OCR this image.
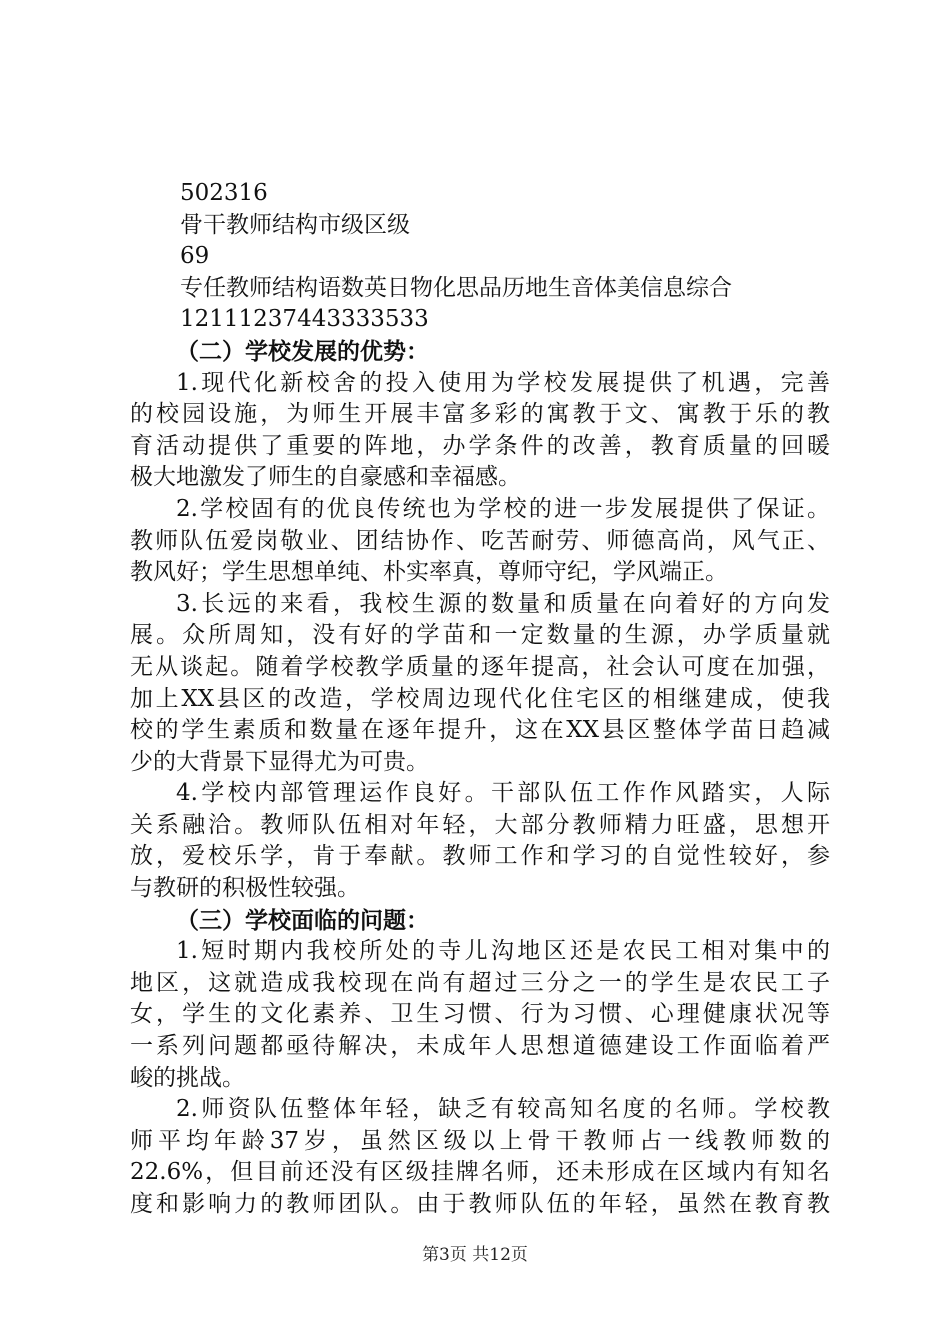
502316
骨干教师结构市级区级
69
专任教师结构语数英日物化思品历地生音体美信息综合
12111237443333533
（二）学校发展的优势：
1.现代化新校舍的投入使用为学校发展提供了机遇，完善
的校园设施，为师生开展丰富多彩的寓教于文、寓教于乐的教
育活动提供了重要的阵地，办学条件的改善，教育质量的回暖
极大地激发了师生的自豪感和幸福感。
2.学校固有的优良传统也为学校的进一步发展提供了保证。
教师队伍爱岗敬业、团结协作、吃苦耐劳、师德高尚，风气正、
教风好；学生思想单纯、朴实率真，尊师守纪，学风端正。
3.长远的来看，我校生源的数量和质量在向着好的方向发
展。众所周知，没有好的学苗和一定数量的生源，办学质量就
无从谈起。随着学校教学质量的逐年提高，社会认可度在加强，
加上XX县区的改造，学校周边现代化住宅区的相继建成，使我
校的学生素质和数量在逐年提升，这在XX县区整体学苗日趋减
少的大背景下显得尤为可贵。
4.学校内部管理运作良好。干部队伍工作作风踏实，人际
关系融洽。教师队伍相对年轻，大部分教师精力旺盛，思想开
放，爱校乐学，肯于奉献。教师工作和学习的自觉性较好，参
与教研的积极性较强。
（三）学校面临的问题：
1.短时期内我校所处的寺儿沟地区还是农民工相对集中的
地区，这就造成我校现在尚有超过三分之一的学生是农民工子
女，学生的文化素养、卫生习惯、行为习惯、心理健康状况等
一系列问题都亟待解决，未成年人思想道德建设工作面临着严
峻的挑战。
2.师资队伍整体年轻，缺乏有较高知名度的名师。学校教
师平均年龄37岁，虽然区级以上骨干教师占一线教师数的
22.6%，但目前还没有区级挂牌名师，还未形成在区域内有知名
度和影响力的教师团队。由于教师队伍的年轻，虽然在教育教
第3页 共12页
